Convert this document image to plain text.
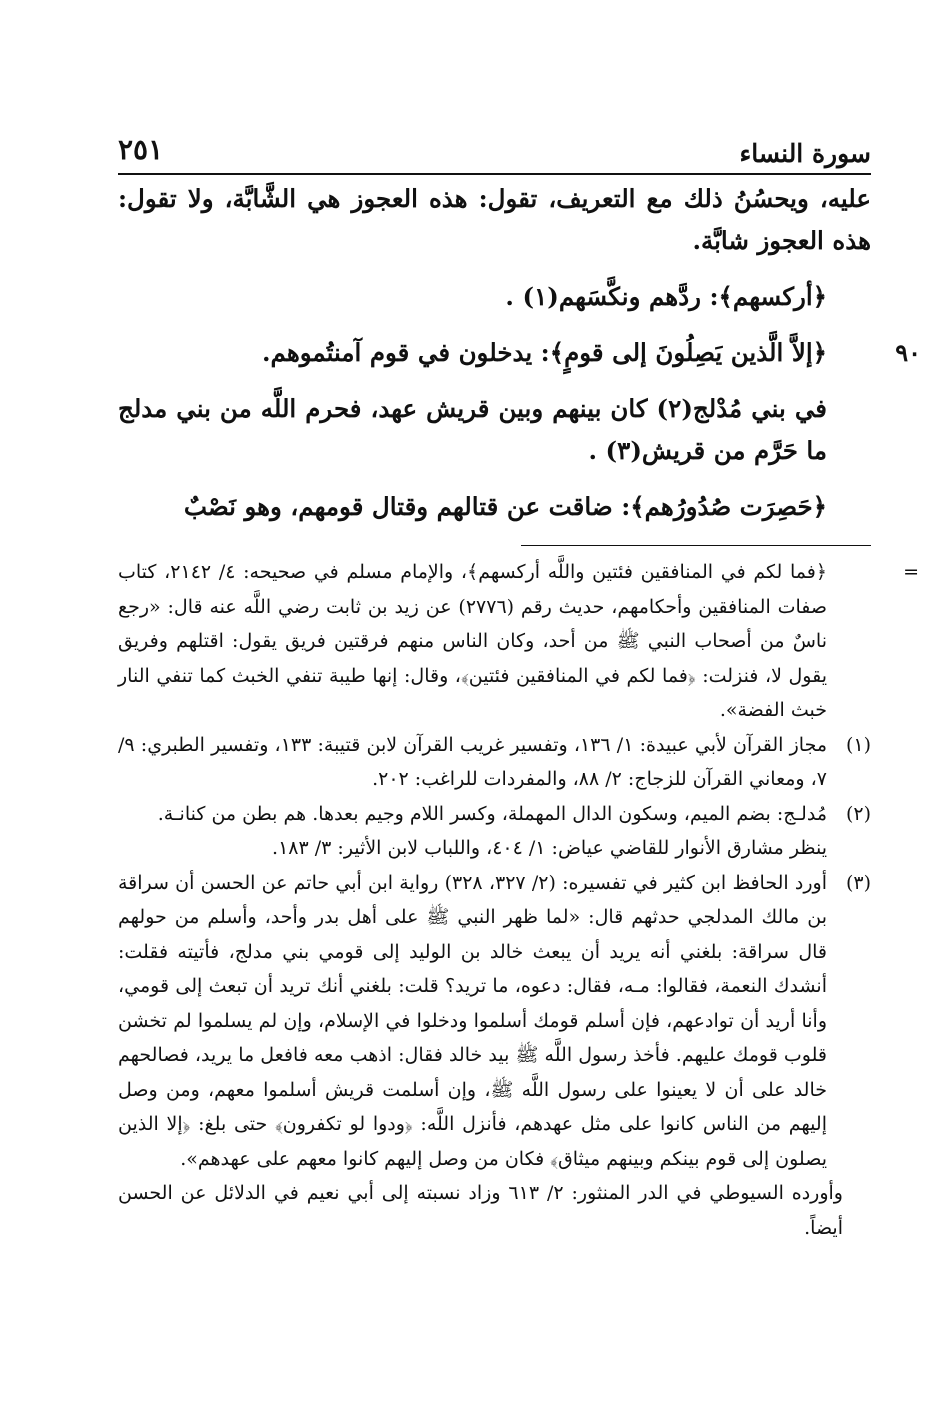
٢٥١	سورة النساء

عليه، ويحسُنُ ذلك مع التعريف، تقول: هذه العجوز هي الشَّابَّة، ولا تقول: هذه العجوز شابَّة.

﴿أركسهم﴾: ردَّهم ونكَّسَهم(١) .

٩٠

﴿إلاَّ الَّذين يَصِلُونَ إلى قومٍ﴾: يدخلون في قوم آمنتُموهم.

في بني مُدْلج(٢) كان بينهم وبين قريش عهد، فحرم اللَّه من بني مدلج ما حَرَّم من قريش(٣) .

﴿حَصِرَت صُدُورُهم﴾: ضاقت عن قتالهم وقتال قومهم، وهو نَصْبٌ

=
﴿فما لكم في المنافقين فئتين واللَّه أركسهم﴾، والإمام مسلم في صحيحه: ٤/ ٢١٤٢، كتاب صفات المنافقين وأحكامهم، حديث رقم (٢٧٧٦) عن زيد بن ثابت رضي اللَّه عنه قال: «رجع ناسٌ من أصحاب النبي ﷺ من أحد، وكان الناس منهم فرقتين فريق يقول: اقتلهم وفريق يقول لا، فنزلت: ﴿فما لكم في المنافقين فئتين﴾، وقال: إنها طيبة تنفي الخبث كما تنفي النار خبث الفضة».
(١)
مجاز القرآن لأبي عبيدة: ١/ ١٣٦، وتفسير غريب القرآن لابن قتيبة: ١٣٣، وتفسير الطبري: ٩/ ٧، ومعاني القرآن للزجاج: ٢/ ٨٨، والمفردات للراغب: ٢٠٢.
(٢)
مُدلـج: بضم الميم، وسكون الدال المهملة، وكسر اللام وجيم بعدها. هم بطن من كنانـة.

ينظر مشارق الأنوار للقاضي عياض: ١/ ٤٠٤، واللباب لابن الأثير: ٣/ ١٨٣.

(٣)
أورد الحافظ ابن كثير في تفسيره: (٢/ ٣٢٧، ٣٢٨) رواية ابن أبي حاتم عن الحسن أن سراقة بن مالك المدلجي حدثهم قال: «لما ظهر النبي ﷺ على أهل بدر وأحد، وأسلم من حولهم قال سراقة: بلغني أنه يريد أن يبعث خالد بن الوليد إلى قومي بني مدلج، فأتيته فقلت: أنشدك النعمة، فقالوا: مـه، فقال: دعوه، ما تريد؟ قلت: بلغني أنك تريد أن تبعث إلى قومي، وأنا أريد أن توادعهم، فإن أسلم قومك أسلموا ودخلوا في الإسلام، وإن لم يسلموا لم تخشن قلوب قومك عليهم. فأخذ رسول اللَّه ﷺ بيد خالد فقال: اذهب معه فافعل ما يريد، فصالحهم خالد على أن لا يعينوا على رسول اللَّه ﷺ، وإن أسلمت قريش أسلموا معهم، ومن وصل إليهم من الناس كانوا على مثل عهدهم، فأنزل اللَّه: ﴿ودوا لو تكفرون﴾ حتى بلغ: ﴿إلا الذين يصلون إلى قوم بينكم وبينهم ميثاق﴾ فكان من وصل إليهم كانوا معهم على عهدهم».

وأورده السيوطي في الدر المنثور: ٢/ ٦١٣ وزاد نسبته إلى أبي نعيم في الدلائل عن الحسن أيضاً.
